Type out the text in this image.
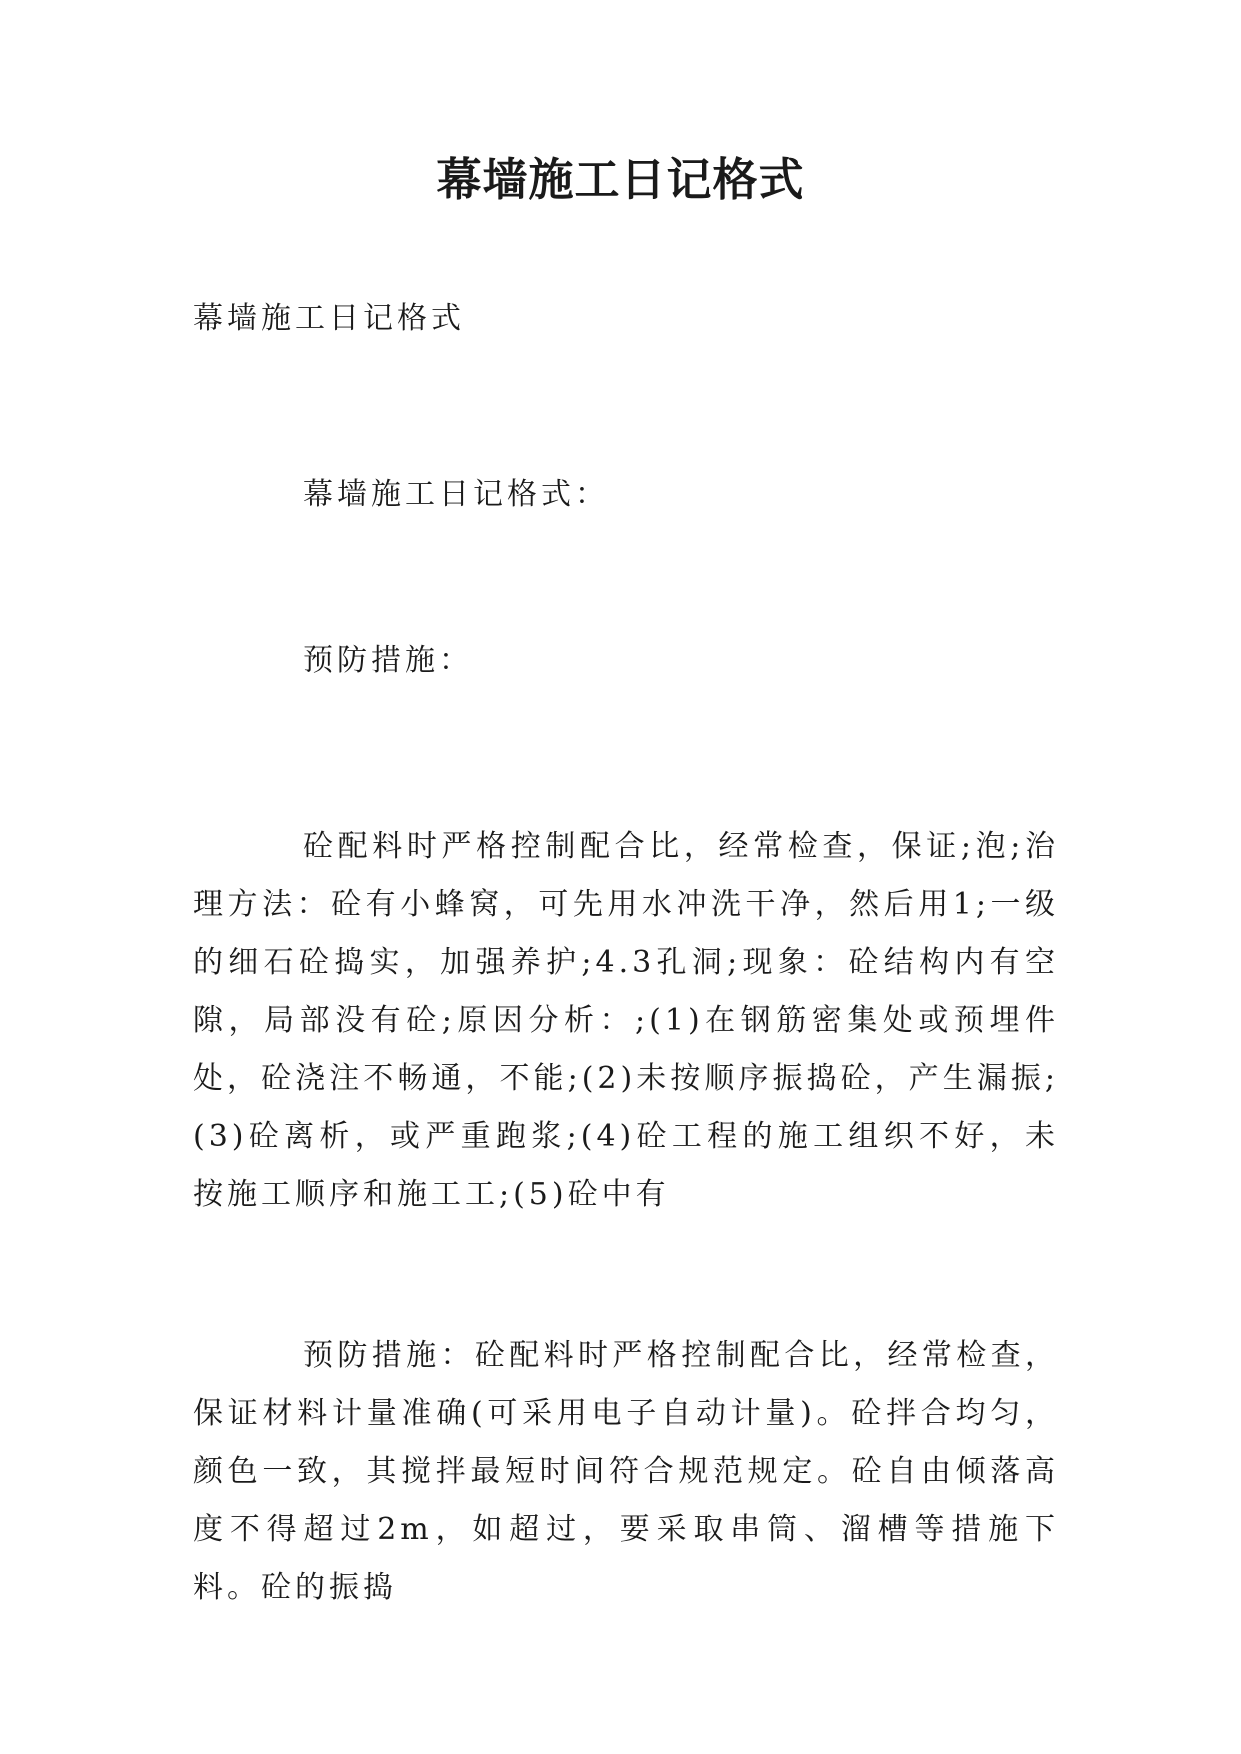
幕墙施工日记格式

幕墙施工日记格式

幕墙施工日记格式：

预防措施：

砼配料时严格控制配合比，经常检查，保证;泡;治理方法：砼有小蜂窝，可先用水冲洗干净，然后用1;一级的细石砼捣实，加强养护;4.3孔洞;现象：砼结构内有空隙，局部没有砼;原因分析：;(1)在钢筋密集处或预埋件处，砼浇注不畅通，不能;(2)未按顺序振捣砼，产生漏振;(3)砼离析，或严重跑浆;(4)砼工程的施工组织不好，未按施工顺序和施工工;(5)砼中有

预防措施：砼配料时严格控制配合比，经常检查，保证材料计量准确(可采用电子自动计量)。砼拌合均匀，颜色一致，其搅拌最短时间符合规范规定。砼自由倾落高度不得超过2m，如超过，要采取串筒、溜槽等措施下料。砼的振捣
